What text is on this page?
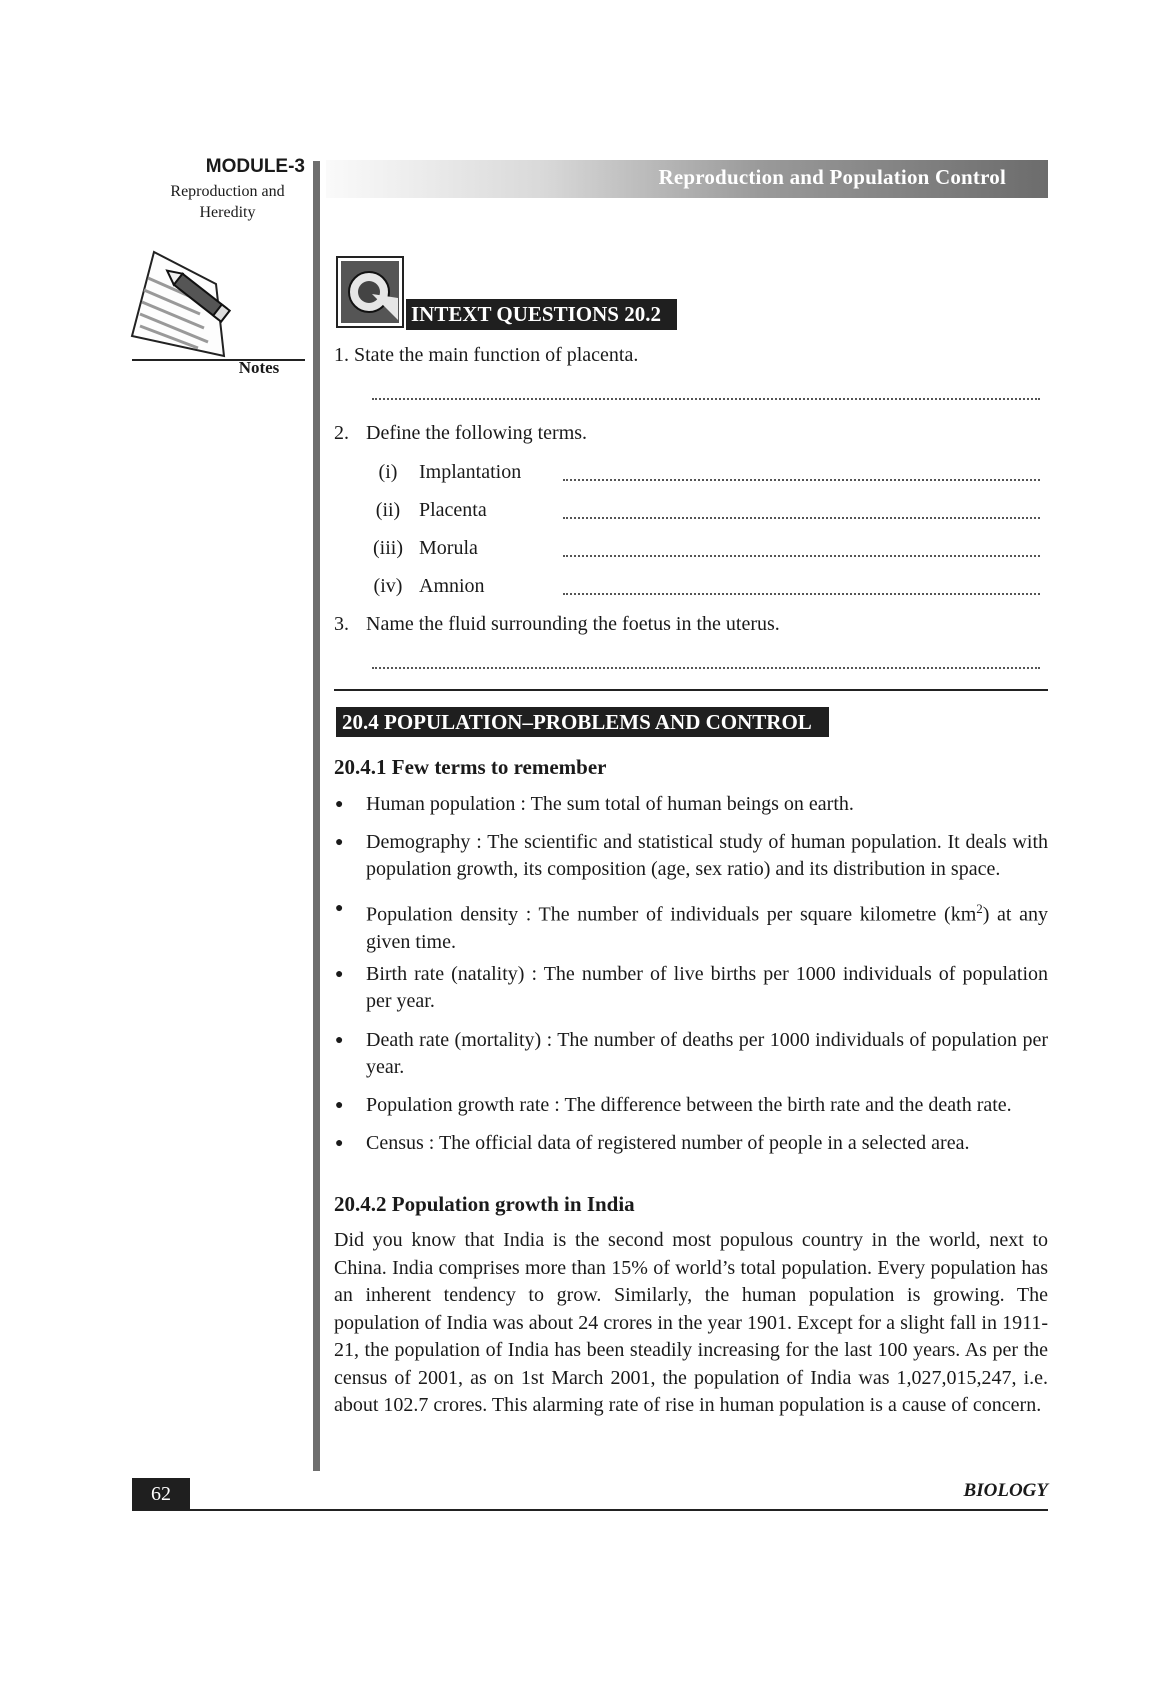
MODULE-3
Reproduction and
Heredity
Notes
Reproduction and Population Control
INTEXT QUESTIONS 20.2
1. State the main function of placenta.
2. Define the following terms.
(i)	Implantation
(ii) Placenta
(iii) Morula
(iv) Amnion
3. Name the fluid surrounding the foetus in the uterus.
20.4 POPULATION–PROBLEMS AND CONTROL
20.4.1 Few terms to remember
● Human population : The sum total of human beings on earth.
● Demography : The scientific and statistical study of human population. It deals with population growth, its composition (age, sex ratio) and its distribution in space.
● Population density : The number of individuals per square kilometre $(km^2)$ at any given time.
● Birth rate (natality) : The number of live births per 1000 individuals of population per year.
● Death rate (mortality) : The number of deaths per 1000 individuals of population per year.
● Population growth rate : The difference between the birth rate and the death rate.
● Census : The official data of registered number of people in a selected area.
20.4.2 Population growth in India
Did you know that India is the second most populous country in the world, next to China. India comprises more than 15% of world’s total population. Every population has an inherent tendency to grow. Similarly, the human population is growing. The population of India was about 24 crores in the year 1901. Except for a slight fall in 1911-21, the population of India has been steadily increasing for the last 100 years. As per the census of 2001, as on 1st March 2001, the population of India was 1,027,015,247, i.e. about 102.7 crores. This alarming rate of rise in human population is a cause of concern.
62	BIOLOGY
